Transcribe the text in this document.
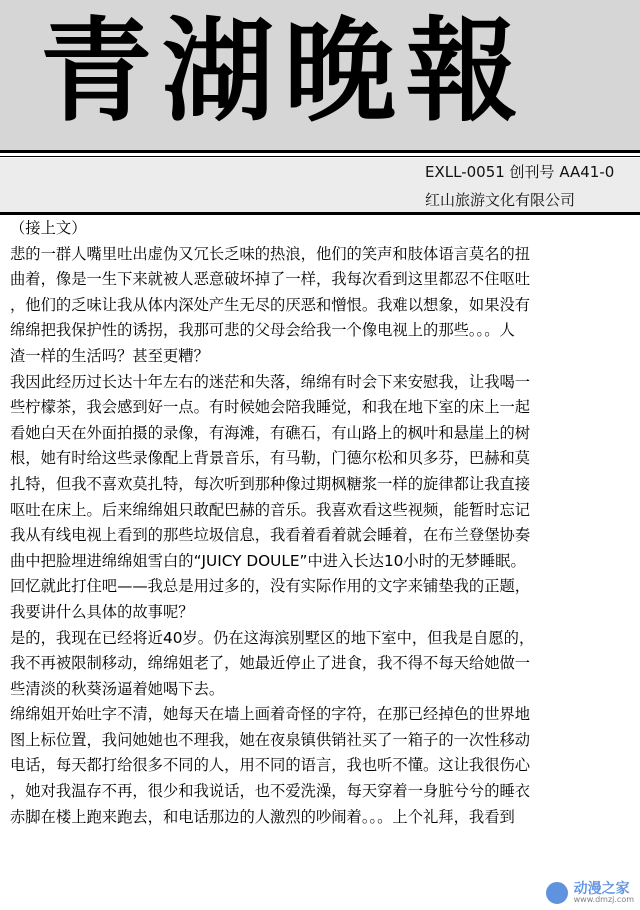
青湖晚報
EXLL-0051 创刊号 AA41-0
红山旅游文化有限公司
（接上文）
悲的一群人嘴里吐出虚伪又冗长乏味的热浪，他们的笑声和肢体语言莫名的扭
曲着，像是一生下来就被人恶意破坏掉了一样，我每次看到这里都忍不住呕吐
，他们的乏味让我从体内深处产生无尽的厌恶和憎恨。我难以想象，如果没有
绵绵把我保护性的诱拐，我那可悲的父母会给我一个像电视上的那些。。。人
渣一样的生活吗？甚至更糟？
我因此经历过长达十年左右的迷茫和失落，绵绵有时会下来安慰我，让我喝一
些柠檬茶，我会感到好一点。有时候她会陪我睡觉，和我在地下室的床上一起
看她白天在外面拍摄的录像，有海滩，有礁石，有山路上的枫叶和悬崖上的树
根，她有时给这些录像配上背景音乐，有马勒，门德尔松和贝多芬，巴赫和莫
扎特，但我不喜欢莫扎特，每次听到那种像过期枫糖浆一样的旋律都让我直接
呕吐在床上。后来绵绵姐只敢配巴赫的音乐。我喜欢看这些视频，能暂时忘记
我从有线电视上看到的那些垃圾信息，我看着看着就会睡着，在布兰登堡协奏
曲中把脸埋进绵绵姐雪白的“JUICY DOULE”中进入长达10小时的无梦睡眠。
回忆就此打住吧——我总是用过多的，没有实际作用的文字来铺垫我的正题，
我要讲什么具体的故事呢？
是的，我现在已经将近40岁。仍在这海滨别墅区的地下室中，但我是自愿的，
我不再被限制移动，绵绵姐老了，她最近停止了进食，我不得不每天给她做一
些清淡的秋葵汤逼着她喝下去。
绵绵姐开始吐字不清，她每天在墙上画着奇怪的字符，在那已经掉色的世界地
图上标位置，我问她她也不理我，她在夜泉镇供销社买了一箱子的一次性移动
电话，每天都打给很多不同的人，用不同的语言，我也听不懂。这让我很伤心
，她对我温存不再，很少和我说话，也不爱洗澡，每天穿着一身脏兮兮的睡衣
赤脚在楼上跑来跑去，和电话那边的人激烈的吵闹着。。。上个礼拜，我看到
动漫之家
www.dmzj.com
